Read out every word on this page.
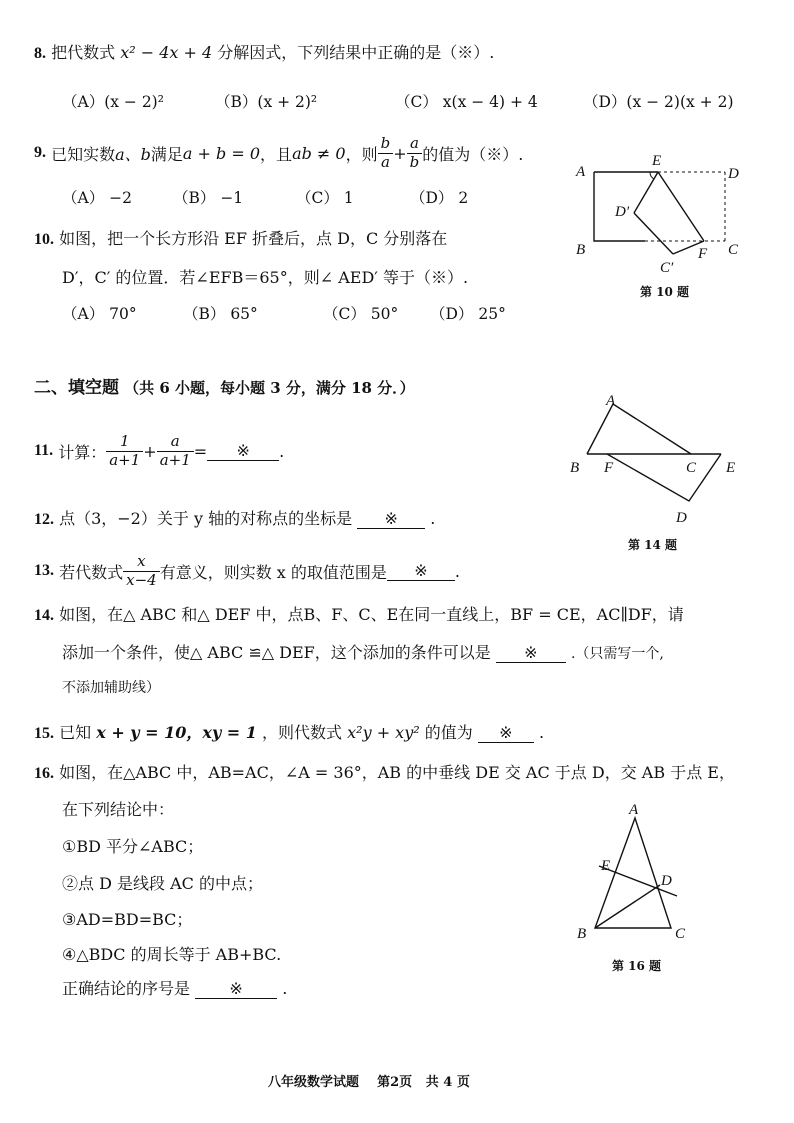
8. 把代数式 x² − 4x + 4 分解因式，下列结果中正确的是（※）.
（A）(x − 2)²	（B）(x + 2)²	（C） x(x − 4) + 4	（D）(x − 2)(x + 2)
9.
已知实数 a、b 满足 a + b = 0 ，且 ab ≠ 0 ，则 $\frac{b}{a} + \frac{a}{b}$ 的值为（※）.
（A） −2	（B） −1	（C） 1	（D） 2
10. 如图，把一个长方形沿 EF 折叠后，点 D，C 分别落在
D′，C′ 的位置．若∠EFB＝65°，则∠ AED′ 等于（※）.
（A） 70°	（B） 65°	（C） 50° （D） 25°
A
E
D
D′
B
C′
F C
第 10 题
二、填空题 （共 6 小题，每小题 3 分，满分 18 分．）
11.
计算： $\frac{1}{a+1} + \frac{a}{a+1}$ =	※	.
A
B F	C E
D
第 14 题
12. 点（3，−2）关于 y 轴的对称点的坐标是 ※ .
13.
若代数式 $\frac{x}{x-4}$ 有意义，则实数 x 的取值范围是	※	.
14. 如图，在△ ABC 和△ DEF 中，点B、F、C、E在同一直线上，BF = CE，AC∥DF，请
添加一个条件，使△ ABC ≌△ DEF，这个添加的条件可以是 ※ .（只需写一个,
不添加辅助线）
15. 已知 x + y = 10，xy = 1 ，则代数式 x²y + xy² 的值为 ※ .
16. 如图，在△ABC 中，AB=AC，∠A = 36°，AB 的中垂线 DE 交 AC 于点 D，交 AB 于点 E，
在下列结论中：
①BD 平分∠ABC；
②点 D 是线段 AC 的中点；
③AD=BD=BC；
④△BDC 的周长等于 AB+BC.
正确结论的序号是 ※ .
A
E
D
B	C
第 16 题
八年级数学试题 第2页 共 4 页
